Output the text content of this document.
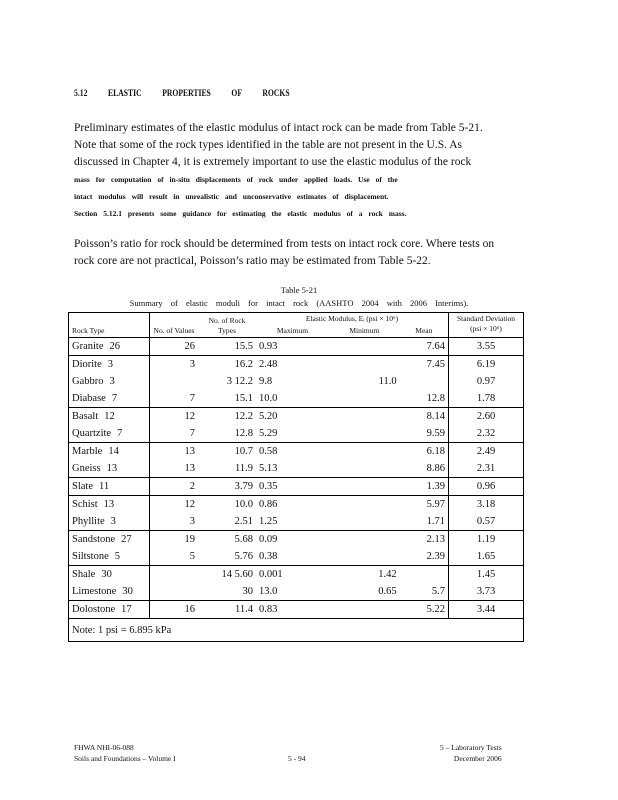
5.12 ELASTIC PROPERTIES OF ROCKS
Preliminary estimates of the elastic modulus of intact rock can be made from Table 5-21.
Note that some of the rock types identified in the table are not present in the U.S. As
discussed in Chapter 4, it is extremely important to use the elastic modulus of the rock
mass for computation of in-situ displacements of rock under applied loads. Use of the
intact modulus will result in unrealistic and unconservative estimates of displacement.
Section 5.12.1 presents some guidance for estimating the elastic modulus of a rock mass.
Poisson’s ratio for rock should be determined from tests on intact rock core. Where tests on
rock core are not practical, Poisson’s ratio may be estimated from Table 5-22.
Table 5-21
Summary of elastic moduli for intact rock (AASHTO 2004 with 2006 Interims).
Rock Type	No. of Values	No. of Rock Types	Elastic Modulus, Eᵢ (psi × 10⁶)			Standard Deviation (psi × 10⁶)
			Maximum	Minimum	Mean	
Granite 26	26	15.5	0.93		7.64	3.55
Diorite 3	3	16.2	2.48		7.45	6.19
Gabbro 3		3 12.2	9.8	11.0		0.97
Diabase 7	7	15.1	10.0		12.8	1.78
Basalt 12	12	12.2	5.20		8.14	2.60
Quartzite 7	7	12.8	5.29		9.59	2.32
Marble 14	13	10.7	0.58		6.18	2.49
Gneiss 13	13	11.9	5.13		8.86	2.31
Slate 11	2	3.79	0.35		1.39	0.96
Schist 13	12	10.0	0.86		5.97	3.18
Phyllite 3	3	2.51	1.25		1.71	0.57
Sandstone 27	19	5.68	0.09		2.13	1.19
Siltstone 5	5	5.76	0.38		2.39	1.65
Shale 30		14 5.60	0.001	1.42		1.45
Limestone 30		30	13.0	0.65	5.7	3.73
Dolostone 17	16	11.4	0.83		5.22	3.44
Note: 1 psi = 6.895 kPa						
FHWA NHI-06-088
Soils and Foundations – Volume I	5 - 94
5 – Laboratory Tests
December 2006
